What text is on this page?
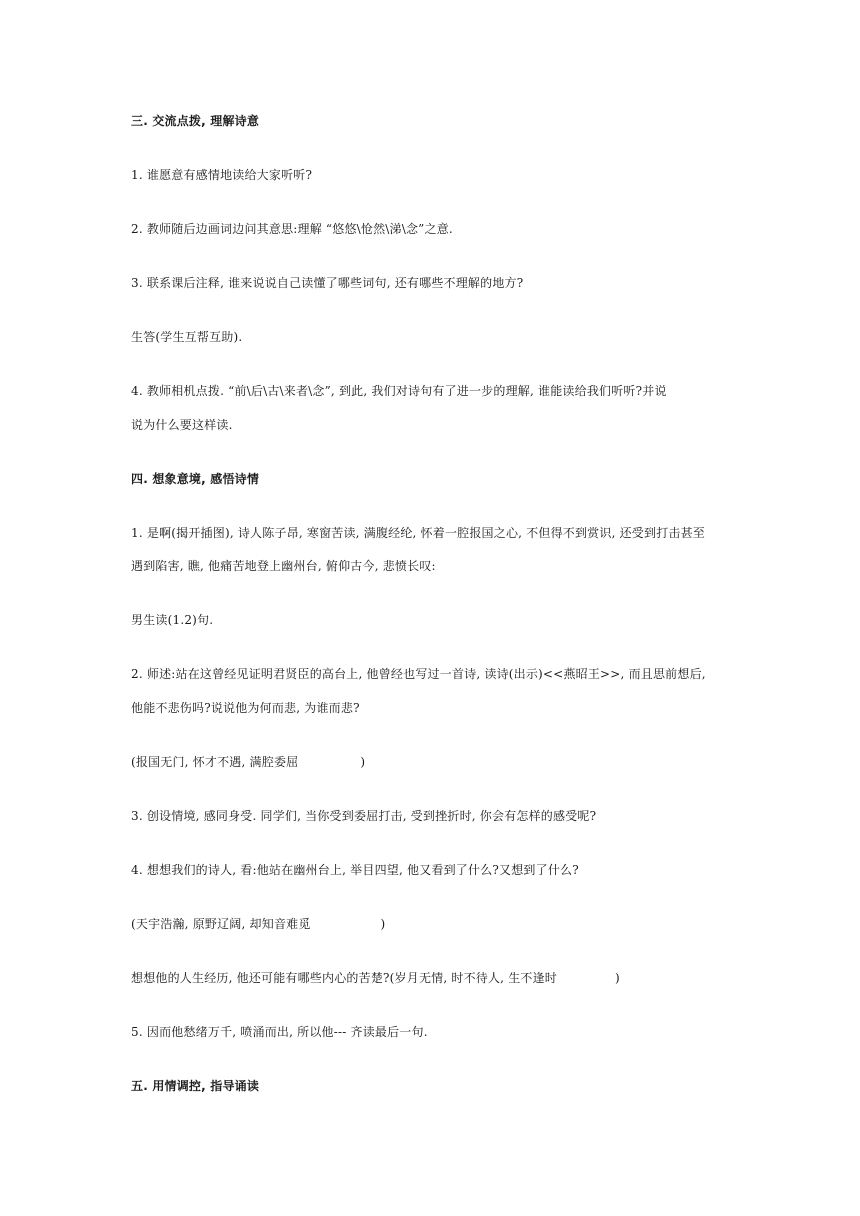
三. 交流点拨, 理解诗意
1. 谁愿意有感情地读给大家听听?
2. 教师随后边画词边问其意思:理解 “悠悠\怆然\涕\念”之意.
3. 联系课后注释, 谁来说说自己读懂了哪些词句, 还有哪些不理解的地方?
生答(学生互帮互助).
4. 教师相机点拨. “前\后\古\来者\念”, 到此, 我们对诗句有了进一步的理解, 谁能读给我们听听?并说
说为什么要这样读.
四. 想象意境, 感悟诗情
1. 是啊(揭开插图), 诗人陈子昂, 寒窗苦读, 满腹经纶, 怀着一腔报国之心, 不但得不到赏识, 还受到打击甚至
遇到陷害, 瞧, 他痛苦地登上幽州台, 俯仰古今, 悲愤长叹:
男生读(1.2)句.
2. 师述:站在这曾经见证明君贤臣的高台上, 他曾经也写过一首诗, 读诗(出示)<<燕昭王>>, 而且思前想后,
他能不悲伤吗?说说他为何而悲, 为谁而悲?
(报国无门, 怀才不遇, 满腔委屈	)
3. 创设情境, 感同身受. 同学们, 当你受到委屈打击, 受到挫折时, 你会有怎样的感受呢?
4. 想想我们的诗人, 看:他站在幽州台上, 举目四望, 他又看到了什么?又想到了什么?
(天宇浩瀚, 原野辽阔, 却知音难觅	)
想想他的人生经历, 他还可能有哪些内心的苦楚?(岁月无情, 时不待人, 生不逢时	)
5. 因而他愁绪万千, 喷涌而出, 所以他--- 齐读最后一句.
五. 用情调控, 指导诵读
